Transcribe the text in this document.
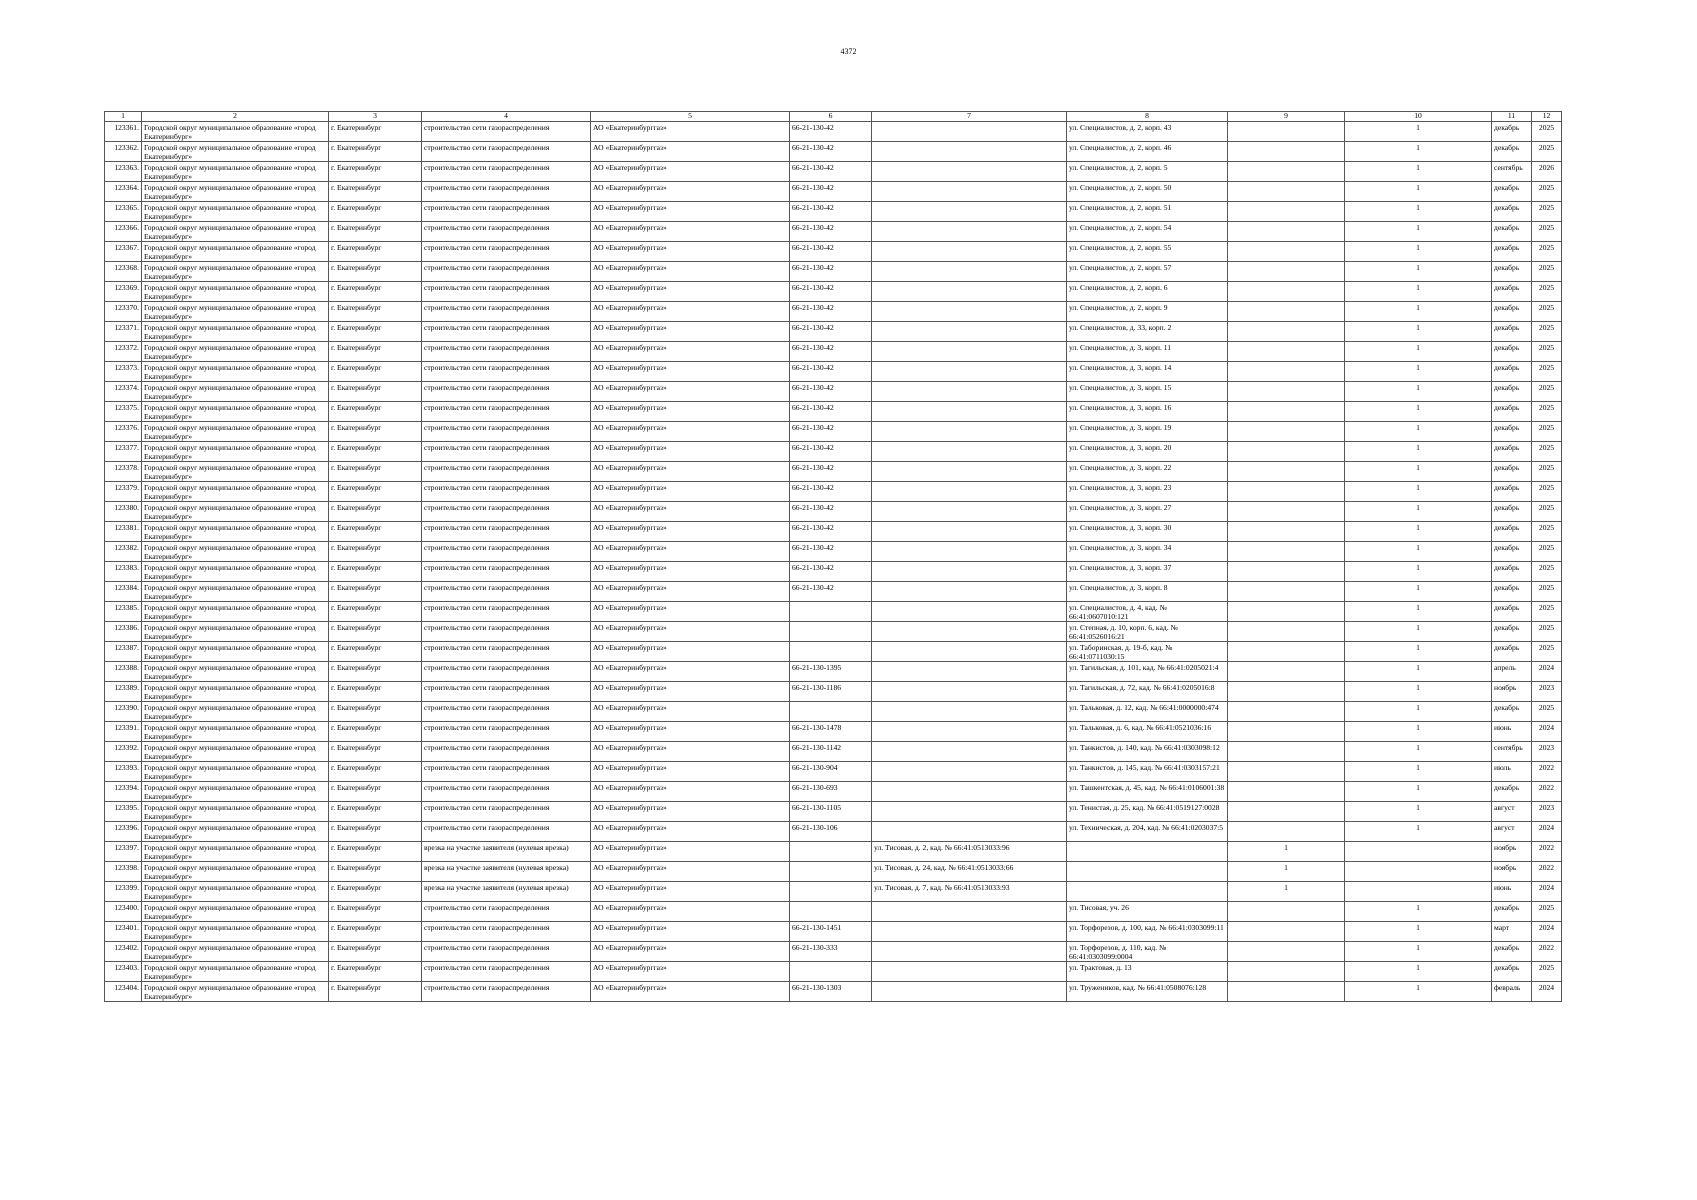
4372
1	2	3	4	5	6	7	8	9	10	11	12
123361.	Городской округ муниципальное образование «город Екатеринбург»	г. Екатеринбург	строительство сети газораспределения	АО «Екатеринбурггаз»	66-21-130-42		ул. Специалистов, д. 2, корп. 43		1	декабрь	2025
123362.	Городской округ муниципальное образование «город Екатеринбург»	г. Екатеринбург	строительство сети газораспределения	АО «Екатеринбурггаз»	66-21-130-42		ул. Специалистов, д. 2, корп. 46		1	декабрь	2025
123363.	Городской округ муниципальное образование «город Екатеринбург»	г. Екатеринбург	строительство сети газораспределения	АО «Екатеринбурггаз»	66-21-130-42		ул. Специалистов, д. 2, корп. 5		1	сентябрь	2026
123364.	Городской округ муниципальное образование «город Екатеринбург»	г. Екатеринбург	строительство сети газораспределения	АО «Екатеринбурггаз»	66-21-130-42		ул. Специалистов, д. 2, корп. 50		1	декабрь	2025
123365.	Городской округ муниципальное образование «город Екатеринбург»	г. Екатеринбург	строительство сети газораспределения	АО «Екатеринбурггаз»	66-21-130-42		ул. Специалистов, д. 2, корп. 51		1	декабрь	2025
123366.	Городской округ муниципальное образование «город Екатеринбург»	г. Екатеринбург	строительство сети газораспределения	АО «Екатеринбурггаз»	66-21-130-42		ул. Специалистов, д. 2, корп. 54		1	декабрь	2025
123367.	Городской округ муниципальное образование «город Екатеринбург»	г. Екатеринбург	строительство сети газораспределения	АО «Екатеринбурггаз»	66-21-130-42		ул. Специалистов, д. 2, корп. 55		1	декабрь	2025
123368.	Городской округ муниципальное образование «город Екатеринбург»	г. Екатеринбург	строительство сети газораспределения	АО «Екатеринбурггаз»	66-21-130-42		ул. Специалистов, д. 2, корп. 57		1	декабрь	2025
123369.	Городской округ муниципальное образование «город Екатеринбург»	г. Екатеринбург	строительство сети газораспределения	АО «Екатеринбурггаз»	66-21-130-42		ул. Специалистов, д. 2, корп. 6		1	декабрь	2025
123370.	Городской округ муниципальное образование «город Екатеринбург»	г. Екатеринбург	строительство сети газораспределения	АО «Екатеринбурггаз»	66-21-130-42		ул. Специалистов, д. 2, корп. 9		1	декабрь	2025
123371.	Городской округ муниципальное образование «город Екатеринбург»	г. Екатеринбург	строительство сети газораспределения	АО «Екатеринбурггаз»	66-21-130-42		ул. Специалистов, д. 33, корп. 2		1	декабрь	2025
123372.	Городской округ муниципальное образование «город Екатеринбург»	г. Екатеринбург	строительство сети газораспределения	АО «Екатеринбурггаз»	66-21-130-42		ул. Специалистов, д. 3, корп. 11		1	декабрь	2025
123373.	Городской округ муниципальное образование «город Екатеринбург»	г. Екатеринбург	строительство сети газораспределения	АО «Екатеринбурггаз»	66-21-130-42		ул. Специалистов, д. 3, корп. 14		1	декабрь	2025
123374.	Городской округ муниципальное образование «город Екатеринбург»	г. Екатеринбург	строительство сети газораспределения	АО «Екатеринбурггаз»	66-21-130-42		ул. Специалистов, д. 3, корп. 15		1	декабрь	2025
123375.	Городской округ муниципальное образование «город Екатеринбург»	г. Екатеринбург	строительство сети газораспределения	АО «Екатеринбурггаз»	66-21-130-42		ул. Специалистов, д. 3, корп. 16		1	декабрь	2025
123376.	Городской округ муниципальное образование «город Екатеринбург»	г. Екатеринбург	строительство сети газораспределения	АО «Екатеринбурггаз»	66-21-130-42		ул. Специалистов, д. 3, корп. 19		1	декабрь	2025
123377.	Городской округ муниципальное образование «город Екатеринбург»	г. Екатеринбург	строительство сети газораспределения	АО «Екатеринбурггаз»	66-21-130-42		ул. Специалистов, д. 3, корп. 20		1	декабрь	2025
123378.	Городской округ муниципальное образование «город Екатеринбург»	г. Екатеринбург	строительство сети газораспределения	АО «Екатеринбурггаз»	66-21-130-42		ул. Специалистов, д. 3, корп. 22		1	декабрь	2025
123379.	Городской округ муниципальное образование «город Екатеринбург»	г. Екатеринбург	строительство сети газораспределения	АО «Екатеринбурггаз»	66-21-130-42		ул. Специалистов, д. 3, корп. 23		1	декабрь	2025
123380.	Городской округ муниципальное образование «город Екатеринбург»	г. Екатеринбург	строительство сети газораспределения	АО «Екатеринбурггаз»	66-21-130-42		ул. Специалистов, д. 3, корп. 27		1	декабрь	2025
123381.	Городской округ муниципальное образование «город Екатеринбург»	г. Екатеринбург	строительство сети газораспределения	АО «Екатеринбурггаз»	66-21-130-42		ул. Специалистов, д. 3, корп. 30		1	декабрь	2025
123382.	Городской округ муниципальное образование «город Екатеринбург»	г. Екатеринбург	строительство сети газораспределения	АО «Екатеринбурггаз»	66-21-130-42		ул. Специалистов, д. 3, корп. 34		1	декабрь	2025
123383.	Городской округ муниципальное образование «город Екатеринбург»	г. Екатеринбург	строительство сети газораспределения	АО «Екатеринбурггаз»	66-21-130-42		ул. Специалистов, д. 3, корп. 37		1	декабрь	2025
123384.	Городской округ муниципальное образование «город Екатеринбург»	г. Екатеринбург	строительство сети газораспределения	АО «Екатеринбурггаз»	66-21-130-42		ул. Специалистов, д. 3, корп. 8		1	декабрь	2025
123385.	Городской округ муниципальное образование «город Екатеринбург»	г. Екатеринбург	строительство сети газораспределения	АО «Екатеринбурггаз»			ул. Специалистов, д. 4, кад. № 66:41:0607010:121		1	декабрь	2025
123386.	Городской округ муниципальное образование «город Екатеринбург»	г. Екатеринбург	строительство сети газораспределения	АО «Екатеринбурггаз»			ул. Степная, д. 10, корп. 6, кад. № 66:41:0526016:21		1	декабрь	2025
123387.	Городской округ муниципальное образование «город Екатеринбург»	г. Екатеринбург	строительство сети газораспределения	АО «Екатеринбурггаз»			ул. Таборинская, д. 19-б, кад. № 66:41:0711030:15		1	декабрь	2025
123388.	Городской округ муниципальное образование «город Екатеринбург»	г. Екатеринбург	строительство сети газораспределения	АО «Екатеринбурггаз»	66-21-130-1395		ул. Тагильская, д. 101, кад. № 66:41:0205021:4		1	апрель	2024
123389.	Городской округ муниципальное образование «город Екатеринбург»	г. Екатеринбург	строительство сети газораспределения	АО «Екатеринбурггаз»	66-21-130-1186		ул. Тагильская, д. 72, кад. № 66:41:0205016:8		1	ноябрь	2023
123390.	Городской округ муниципальное образование «город Екатеринбург»	г. Екатеринбург	строительство сети газораспределения	АО «Екатеринбурггаз»			ул. Тальковая, д. 12, кад. № 66:41:0000000:474		1	декабрь	2025
123391.	Городской округ муниципальное образование «город Екатеринбург»	г. Екатеринбург	строительство сети газораспределения	АО «Екатеринбурггаз»	66-21-130-1478		ул. Тальковая, д. 6, кад. № 66:41:0521036:16		1	июнь	2024
123392.	Городской округ муниципальное образование «город Екатеринбург»	г. Екатеринбург	строительство сети газораспределения	АО «Екатеринбурггаз»	66-21-130-1142		ул. Танкистов, д. 140, кад. № 66:41:0303098:12		1	сентябрь	2023
123393.	Городской округ муниципальное образование «город Екатеринбург»	г. Екатеринбург	строительство сети газораспределения	АО «Екатеринбурггаз»	66-21-130-904		ул. Танкистов, д. 145, кад. № 66:41:0303157:21		1	июль	2022
123394.	Городской округ муниципальное образование «город Екатеринбург»	г. Екатеринбург	строительство сети газораспределения	АО «Екатеринбурггаз»	66-21-130-693		ул. Ташкентская, д. 45, кад. № 66:41:0106001:38		1	декабрь	2022
123395.	Городской округ муниципальное образование «город Екатеринбург»	г. Екатеринбург	строительство сети газораспределения	АО «Екатеринбурггаз»	66-21-130-1105		ул. Тенистая, д. 25, кад. № 66:41:0519127:0028		1	август	2023
123396.	Городской округ муниципальное образование «город Екатеринбург»	г. Екатеринбург	строительство сети газораспределения	АО «Екатеринбурггаз»	66-21-130-106		ул. Техническая, д. 204, кад. № 66:41:0203037:5		1	август	2024
123397.	Городской округ муниципальное образование «город Екатеринбург»	г. Екатеринбург	врезка на участке заявителя (нулевая врезка)	АО «Екатеринбурггаз»		ул. Тисовая, д. 2, кад. № 66:41:0513033:96		1		ноябрь	2022
123398.	Городской округ муниципальное образование «город Екатеринбург»	г. Екатеринбург	врезка на участке заявителя (нулевая врезка)	АО «Екатеринбурггаз»		ул. Тисовая, д. 24, кад. № 66:41:0513033:66		1		ноябрь	2022
123399.	Городской округ муниципальное образование «город Екатеринбург»	г. Екатеринбург	врезка на участке заявителя (нулевая врезка)	АО «Екатеринбурггаз»		ул. Тисовая, д. 7, кад. № 66:41:0513033:93		1		июнь	2024
123400.	Городской округ муниципальное образование «город Екатеринбург»	г. Екатеринбург	строительство сети газораспределения	АО «Екатеринбурггаз»			ул. Тисовая, уч. 26		1	декабрь	2025
123401.	Городской округ муниципальное образование «город Екатеринбург»	г. Екатеринбург	строительство сети газораспределения	АО «Екатеринбурггаз»	66-21-130-1451		ул. Торфорезов, д. 100, кад. № 66:41:0303099:11		1	март	2024
123402.	Городской округ муниципальное образование «город Екатеринбург»	г. Екатеринбург	строительство сети газораспределения	АО «Екатеринбурггаз»	66-21-130-333		ул. Торфорезов, д. 110, кад. № 66:41:0303099:0004		1	декабрь	2022
123403.	Городской округ муниципальное образование «город Екатеринбург»	г. Екатеринбург	строительство сети газораспределения	АО «Екатеринбурггаз»			ул. Трактовая, д. 13		1	декабрь	2025
123404.	Городской округ муниципальное образование «город Екатеринбург»	г. Екатеринбург	строительство сети газораспределения	АО «Екатеринбурггаз»	66-21-130-1303		ул. Тружеников, кад. № 66:41:0508076:128		1	февраль	2024
